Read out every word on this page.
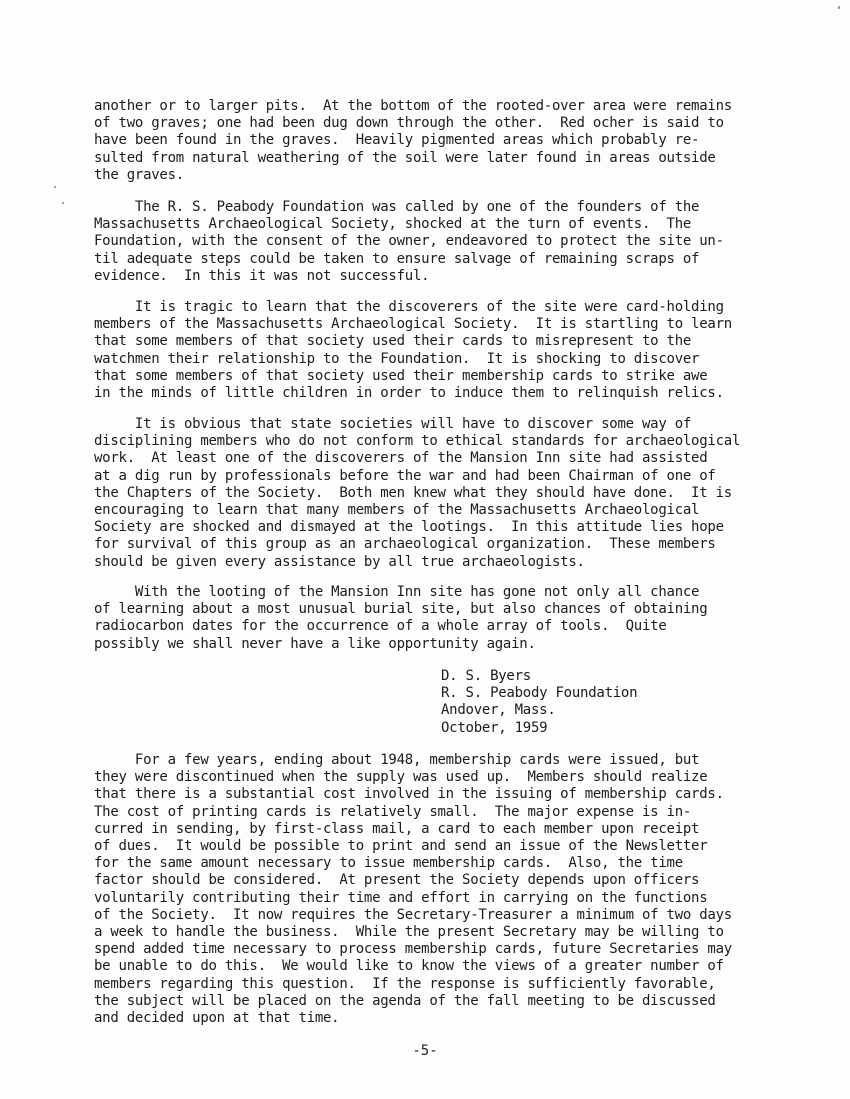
another or to larger pits.  At the bottom of the rooted-over area were remains
of two graves; one had been dug down through the other.  Red ocher is said to
have been found in the graves.  Heavily pigmented areas which probably re-
sulted from natural weathering of the soil were later found in areas outside
the graves.
The R. S. Peabody Foundation was called by one of the founders of the
Massachusetts Archaeological Society, shocked at the turn of events.  The
Foundation, with the consent of the owner, endeavored to protect the site un-
til adequate steps could be taken to ensure salvage of remaining scraps of
evidence.  In this it was not successful.
It is tragic to learn that the discoverers of the site were card-holding
members of the Massachusetts Archaeological Society.  It is startling to learn
that some members of that society used their cards to misrepresent to the
watchmen their relationship to the Foundation.  It is shocking to discover
that some members of that society used their membership cards to strike awe
in the minds of little children in order to induce them to relinquish relics.
It is obvious that state societies will have to discover some way of
disciplining members who do not conform to ethical standards for archaeological
work.  At least one of the discoverers of the Mansion Inn site had assisted
at a dig run by professionals before the war and had been Chairman of one of
the Chapters of the Society.  Both men knew what they should have done.  It is
encouraging to learn that many members of the Massachusetts Archaeological
Society are shocked and dismayed at the lootings.  In this attitude lies hope
for survival of this group as an archaeological organization.  These members
should be given every assistance by all true archaeologists.
With the looting of the Mansion Inn site has gone not only all chance
of learning about a most unusual burial site, but also chances of obtaining
radiocarbon dates for the occurrence of a whole array of tools.  Quite
possibly we shall never have a like opportunity again.
D. S. Byers
R. S. Peabody Foundation
Andover, Mass.
October, 1959
For a few years, ending about 1948, membership cards were issued, but
they were discontinued when the supply was used up.  Members should realize
that there is a substantial cost involved in the issuing of membership cards.
The cost of printing cards is relatively small.  The major expense is in-
curred in sending, by first-class mail, a card to each member upon receipt
of dues.  It would be possible to print and send an issue of the Newsletter
for the same amount necessary to issue membership cards.  Also, the time
factor should be considered.  At present the Society depends upon officers
voluntarily contributing their time and effort in carrying on the functions
of the Society.  It now requires the Secretary-Treasurer a minimum of two days
a week to handle the business.  While the present Secretary may be willing to
spend added time necessary to process membership cards, future Secretaries may
be unable to do this.  We would like to know the views of a greater number of
members regarding this question.  If the response is sufficiently favorable,
the subject will be placed on the agenda of the fall meeting to be discussed
and decided upon at that time.
-5-
